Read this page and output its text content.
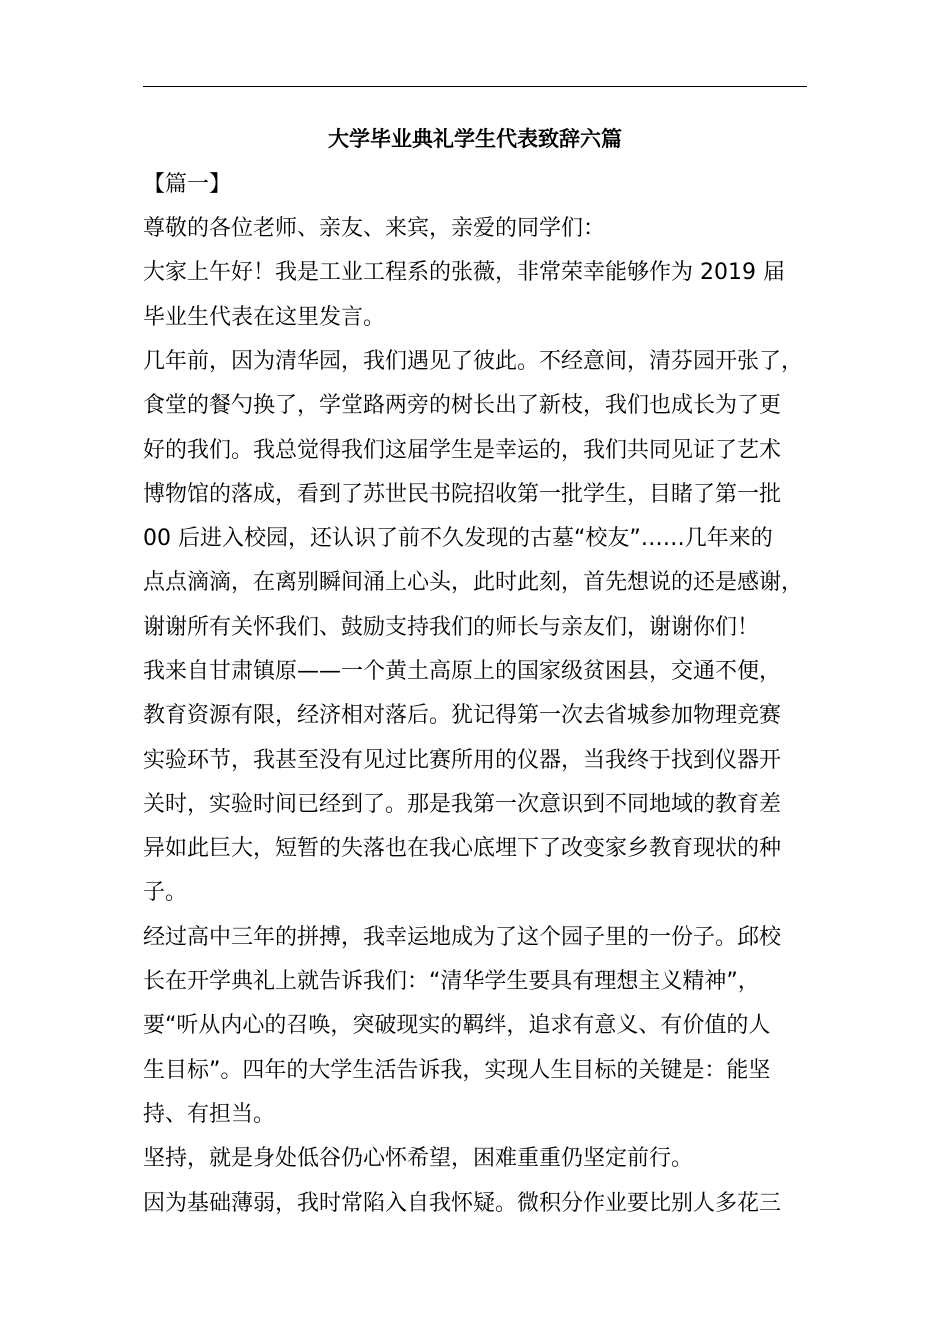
大学毕业典礼学生代表致辞六篇
【篇一】
尊敬的各位老师、亲友、来宾，亲爱的同学们：
大家上午好！我是工业工程系的张薇，非常荣幸能够作为 2019 届
毕业生代表在这里发言。
几年前，因为清华园，我们遇见了彼此。不经意间，清芬园开张了，
食堂的餐勺换了，学堂路两旁的树长出了新枝，我们也成长为了更
好的我们。我总觉得我们这届学生是幸运的，我们共同见证了艺术
博物馆的落成，看到了苏世民书院招收第一批学生，目睹了第一批
00 后进入校园，还认识了前不久发现的古墓“校友”……几年来的
点点滴滴，在离别瞬间涌上心头，此时此刻，首先想说的还是感谢，
谢谢所有关怀我们、鼓励支持我们的师长与亲友们，谢谢你们！
我来自甘肃镇原——一个黄土高原上的国家级贫困县，交通不便，
教育资源有限，经济相对落后。犹记得第一次去省城参加物理竞赛
实验环节，我甚至没有见过比赛所用的仪器，当我终于找到仪器开
关时，实验时间已经到了。那是我第一次意识到不同地域的教育差
异如此巨大，短暂的失落也在我心底埋下了改变家乡教育现状的种
子。
经过高中三年的拼搏，我幸运地成为了这个园子里的一份子。邱校
长在开学典礼上就告诉我们：“清华学生要具有理想主义精神”，
要“听从内心的召唤，突破现实的羁绊，追求有意义、有价值的人
生目标”。四年的大学生活告诉我，实现人生目标的关键是：能坚
持、有担当。
坚持，就是身处低谷仍心怀希望，困难重重仍坚定前行。
因为基础薄弱，我时常陷入自我怀疑。微积分作业要比别人多花三
